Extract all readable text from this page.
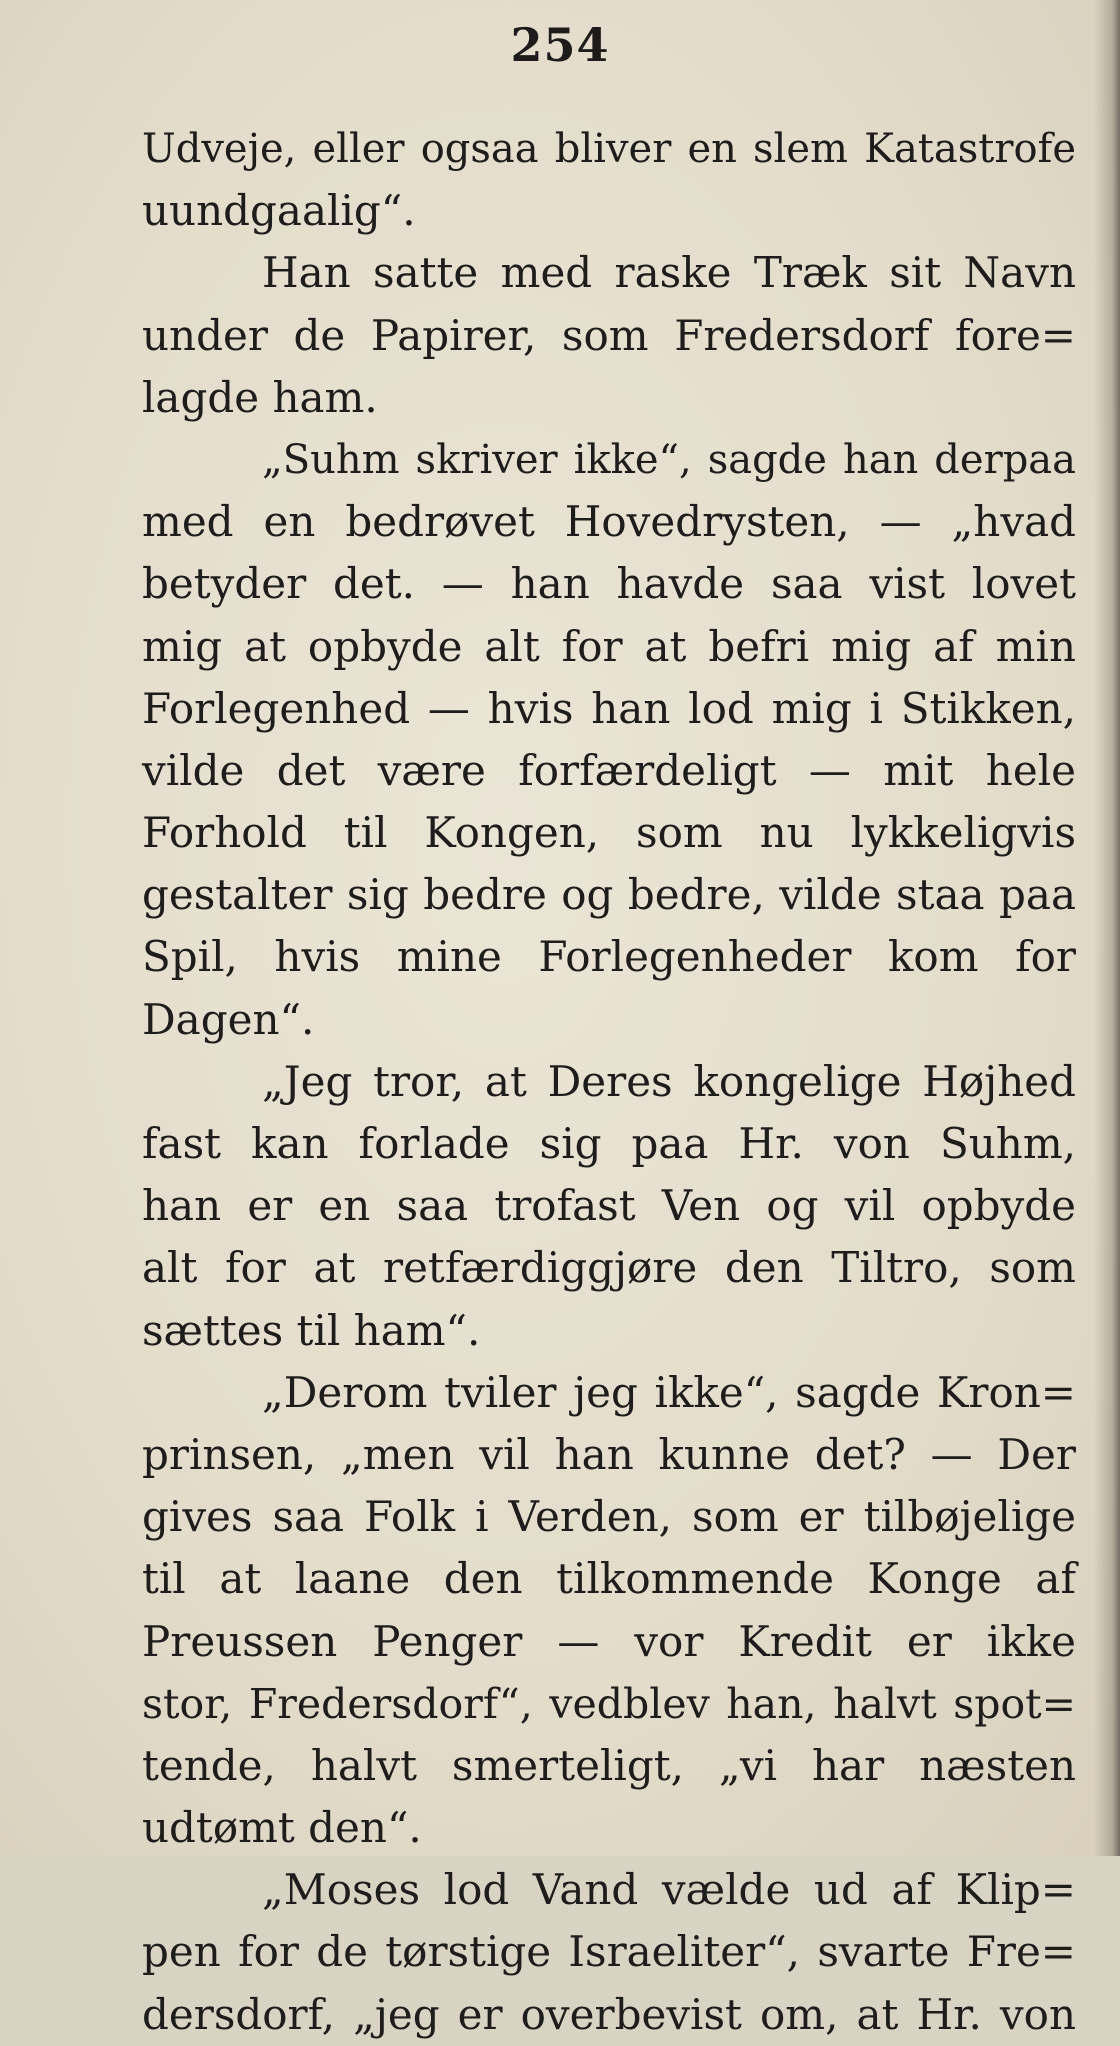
254
Udveje, eller ogsaa bliver en slem Katastrofe
uundgaalig“.
Han satte med raske Træk sit Navn
under de Papirer, som Fredersdorf fore=
lagde ham.
„Suhm skriver ikke“, sagde han derpaa
med en bedrøvet Hovedrysten, — „hvad
betyder det. — han havde saa vist lovet
mig at opbyde alt for at befri mig af min
Forlegenhed — hvis han lod mig i Stikken,
vilde det være forfærdeligt — mit hele
Forhold til Kongen, som nu lykkeligvis
gestalter sig bedre og bedre, vilde staa paa
Spil, hvis mine Forlegenheder kom for
Dagen“.
„Jeg tror, at Deres kongelige Højhed
fast kan forlade sig paa Hr. von Suhm,
han er en saa trofast Ven og vil opbyde
alt for at retfærdiggjøre den Tiltro, som
sættes til ham“.
„Derom tviler jeg ikke“, sagde Kron=
prinsen, „men vil han kunne det? — Der
gives saa Folk i Verden, som er tilbøjelige
til at laane den tilkommende Konge af
Preussen Penger — vor Kredit er ikke
stor, Fredersdorf“, vedblev han, halvt spot=
tende, halvt smerteligt, „vi har næsten
udtømt den“.
„Moses lod Vand vælde ud af Klip=
pen for de tørstige Israeliter“, svarte Fre=
dersdorf, „jeg er overbevist om, at Hr. von
